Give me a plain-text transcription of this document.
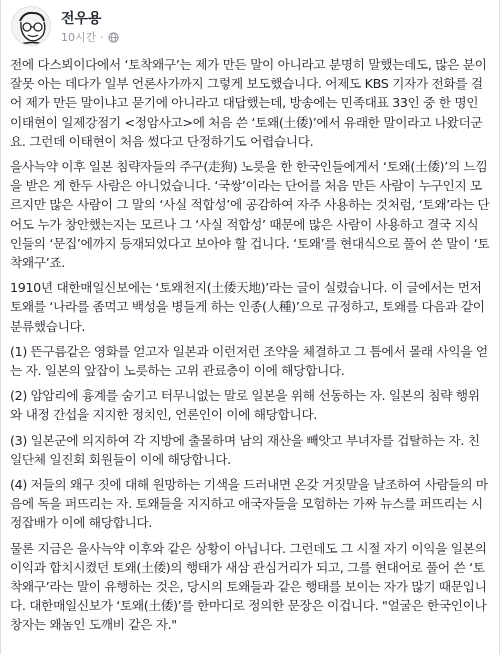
전우용
10시간 ·

전에 다스뵈이다에서 ‘토착왜구’는 제가 만든 말이 아니라고 분명히 말했는데도, 많은 분이 잘못 아는 데다가 일부 언론사가까지 그렇게 보도했습니다. 어제도 KBS 기자가 전화를 걸어 제가 만든 말이냐고 묻기에 아니라고 대답했는데, 방송에는 민족대표 33인 중 한 명인 이태현이 일제강점기 <정암사고>에 처음 쓴 ‘토왜(土倭)’에서 유래한 말이라고 나왔더군요. 그런데 이태현이 처음 썼다고 단정하기도 어렵습니다.

을사늑약 이후 일본 침략자들의 주구(走狗) 노릇을 한 한국인들에게서 ‘토왜(土倭)’의 느낌을 받은 게 한두 사람은 아니었습니다. ‘국쌍’이라는 단어를 처음 만든 사람이 누구인지 모르지만 많은 사람이 그 말의 ‘사실 적합성’에 공감하여 자주 사용하는 것처럼, ‘토왜’라는 단어도 누가 창안했는지는 모르나 그 ‘사실 적합성’ 때문에 많은 사람이 사용하고 결국 지식인들의 ‘문집’에까지 등재되었다고 보아야 할 겁니다. ‘토왜’를 현대식으로 풀어 쓴 말이 ‘토착왜구’죠.

1910년 대한매일신보에는 ‘토왜천지(土倭天地)’라는 글이 실렸습니다. 이 글에서는 먼저 토왜를 ‘나라를 좀먹고 백성을 병들게 하는 인종(人種)’으로 규정하고, 토왜를 다음과 같이 분류했습니다.

(1) 뜬구름같은 영화를 얻고자 일본과 이런저런 조약을 체결하고 그 틈에서 몰래 사익을 얻는 자. 일본의 앞잡이 노릇하는 고위 관료층이 이에 해당합니다.

(2) 암암리에 흉계를 숨기고 터무니없는 말로 일본을 위해 선동하는 자. 일본의 침략 행위와 내정 간섭을 지지한 정치인, 언론인이 이에 해당합니다.

(3) 일본군에 의지하여 각 지방에 출몰하며 남의 재산을 빼앗고 부녀자를 겁탈하는 자. 친일단체 일진회 회원들이 이에 해당합니다.

(4) 저들의 왜구 짓에 대해 원망하는 기색을 드러내면 온갖 거짓말을 날조하여 사람들의 마음에 독을 퍼뜨리는 자. 토왜들을 지지하고 애국자들을 모험하는 가짜 뉴스를 퍼뜨리는 시정잡배가 이에 해당합니다.

물론 지금은 을사늑약 이후와 같은 상황이 아닙니다. 그런데도 그 시절 자기 이익을 일본의 이익과 합치시켰던 토왜(土倭)의 행태가 새삼 관심거리가 되고, 그를 현대어로 풀어 쓴 ‘토착왜구’라는 말이 유행하는 것은, 당시의 토왜들과 같은 행태를 보이는 자가 많기 때문입니다. 대한매일신보가 ‘토왜(土倭)’를 한마디로 정의한 문장은 이겁니다. "얼굴은 한국인이나 창자는 왜놈인 도깨비 같은 자."
